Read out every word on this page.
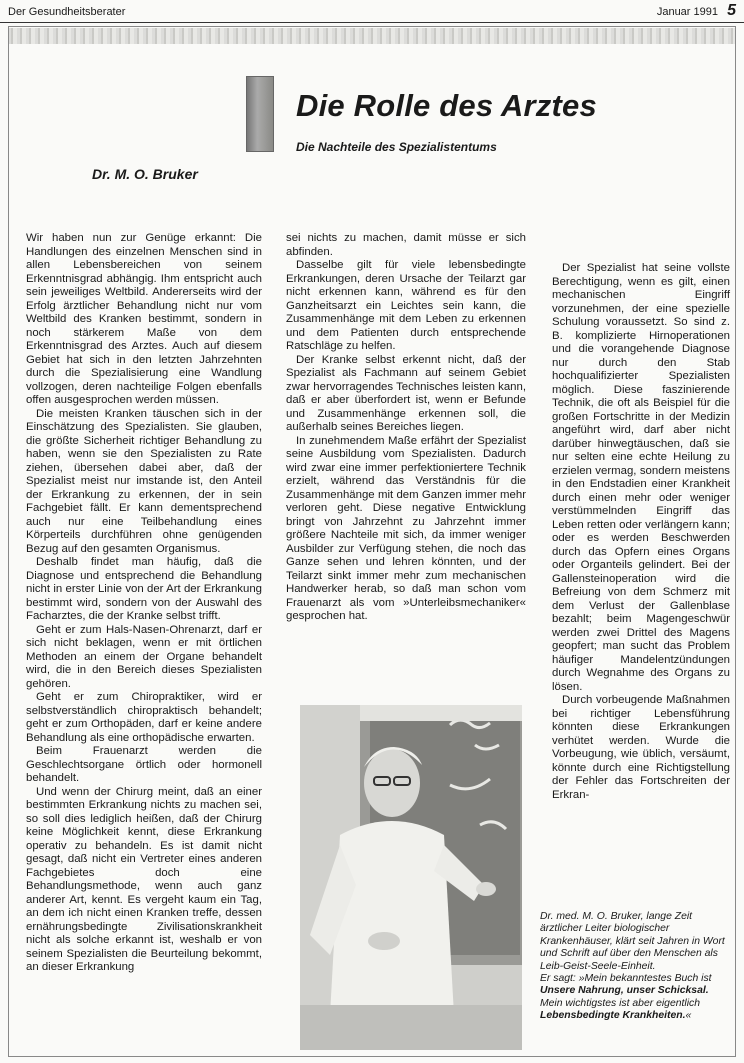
Der Gesundheitsberater	Januar 1991 5
Die Rolle des Arztes
Die Nachteile des Spezialistentums
Dr. M. O. Bruker

Wir haben nun zur Genüge erkannt: Die Handlungen des einzelnen Menschen sind in allen Lebensbereichen von seinem Erkenntnisgrad abhängig. Ihm entspricht auch sein jeweiliges Weltbild. Andererseits wird der Erfolg ärztlicher Behandlung nicht nur vom Weltbild des Kranken bestimmt, sondern in noch stärkerem Maße von dem Erkenntnisgrad des Arztes. Auch auf diesem Gebiet hat sich in den letzten Jahrzehnten durch die Spezialisierung eine Wandlung vollzogen, deren nachteilige Folgen ebenfalls offen ausgesprochen werden müssen.

Die meisten Kranken täuschen sich in der Einschätzung des Spezialisten. Sie glauben, die größte Sicherheit richtiger Behandlung zu haben, wenn sie den Spezialisten zu Rate ziehen, übersehen dabei aber, daß der Spezialist meist nur imstande ist, den Anteil der Erkrankung zu erkennen, der in sein Fachgebiet fällt. Er kann dementsprechend auch nur eine Teilbehandlung eines Körperteils durchführen ohne genügenden Bezug auf den gesamten Organismus.

Deshalb findet man häufig, daß die Diagnose und entsprechend die Behandlung nicht in erster Linie von der Art der Erkrankung bestimmt wird, sondern von der Auswahl des Facharztes, die der Kranke selbst trifft.

Geht er zum Hals-Nasen-Ohrenarzt, darf er sich nicht beklagen, wenn er mit örtlichen Methoden an einem der Organe behandelt wird, die in den Bereich dieses Spezialisten gehören.

Geht er zum Chiropraktiker, wird er selbstverständlich chiropraktisch behandelt; geht er zum Orthopäden, darf er keine andere Behandlung als eine orthopädische erwarten.

Beim Frauenarzt werden die Geschlechtsorgane örtlich oder hormonell behandelt.

Und wenn der Chirurg meint, daß an einer bestimmten Erkrankung nichts zu machen sei, so soll dies lediglich heißen, daß der Chirurg keine Möglichkeit kennt, diese Erkrankung operativ zu behandeln. Es ist damit nicht gesagt, daß nicht ein Vertreter eines anderen Fachgebietes doch eine Behandlungsmethode, wenn auch ganz anderer Art, kennt. Es vergeht kaum ein Tag, an dem ich nicht einen Kranken treffe, dessen ernährungsbedingte Zivilisationskrankheit nicht als solche erkannt ist, weshalb er von seinem Spezialisten die Beurteilung bekommt, an dieser Erkrankung

sei nichts zu machen, damit müsse er sich abfinden.

Dasselbe gilt für viele lebensbedingte Erkrankungen, deren Ursache der Teilarzt gar nicht erkennen kann, während es für den Ganzheitsarzt ein Leichtes sein kann, die Zusammenhänge mit dem Leben zu erkennen und dem Patienten durch entsprechende Ratschläge zu helfen.

Der Kranke selbst erkennt nicht, daß der Spezialist als Fachmann auf seinem Gebiet zwar hervorragendes Technisches leisten kann, daß er aber überfordert ist, wenn er Befunde und Zusammenhänge erkennen soll, die außerhalb seines Bereiches liegen.

In zunehmendem Maße erfährt der Spezialist seine Ausbildung vom Spezialisten. Dadurch wird zwar eine immer perfektioniertere Technik erzielt, während das Verständnis für die Zusammenhänge mit dem Ganzen immer mehr verloren geht. Diese negative Entwicklung bringt von Jahrzehnt zu Jahrzehnt immer größere Nachteile mit sich, da immer weniger Ausbilder zur Verfügung stehen, die noch das Ganze sehen und lehren könnten, und der Teilarzt sinkt immer mehr zum mechanischen Handwerker herab, so daß man schon vom Frauenarzt als vom »Unterleibsmechaniker« gesprochen hat.

Der Spezialist hat seine vollste Berechtigung, wenn es gilt, einen mechanischen Eingriff vorzunehmen, der eine spezielle Schulung voraussetzt. So sind z. B. komplizierte Hirnoperationen und die vorangehende Diagnose nur durch den Stab hochqualifizierter Spezialisten möglich. Diese faszinierende Technik, die oft als Beispiel für die großen Fortschritte in der Medizin angeführt wird, darf aber nicht darüber hinwegtäuschen, daß sie nur selten eine echte Heilung zu erzielen vermag, sondern meistens in den Endstadien einer Krankheit durch einen mehr oder weniger verstümmelnden Eingriff das Leben retten oder verlängern kann; oder es werden Beschwerden durch das Opfern eines Organs oder Organteils gelindert. Bei der Gallensteinoperation wird die Befreiung von dem Schmerz mit dem Verlust der Gallenblase bezahlt; beim Magengeschwür werden zwei Drittel des Magens geopfert; man sucht das Problem häufiger Mandelentzündungen durch Wegnahme des Organs zu lösen.

Durch vorbeugende Maßnahmen bei richtiger Lebensführung könnten diese Erkrankungen verhütet werden. Wurde die Vorbeugung, wie üblich, versäumt, könnte durch eine Richtigstellung der Fehler das Fortschreiten der Erkran-

Dr. med. M. O. Bruker, lange Zeit ärztlicher Leiter biologischer Krankenhäuser, klärt seit Jahren in Wort und Schrift auf über den Menschen als Leib-Geist-Seele-Einheit.
Er sagt: »Mein bekanntestes Buch ist Unsere Nahrung, unser Schicksal. Mein wichtigstes ist aber eigentlich Lebensbedingte Krankheiten.«
